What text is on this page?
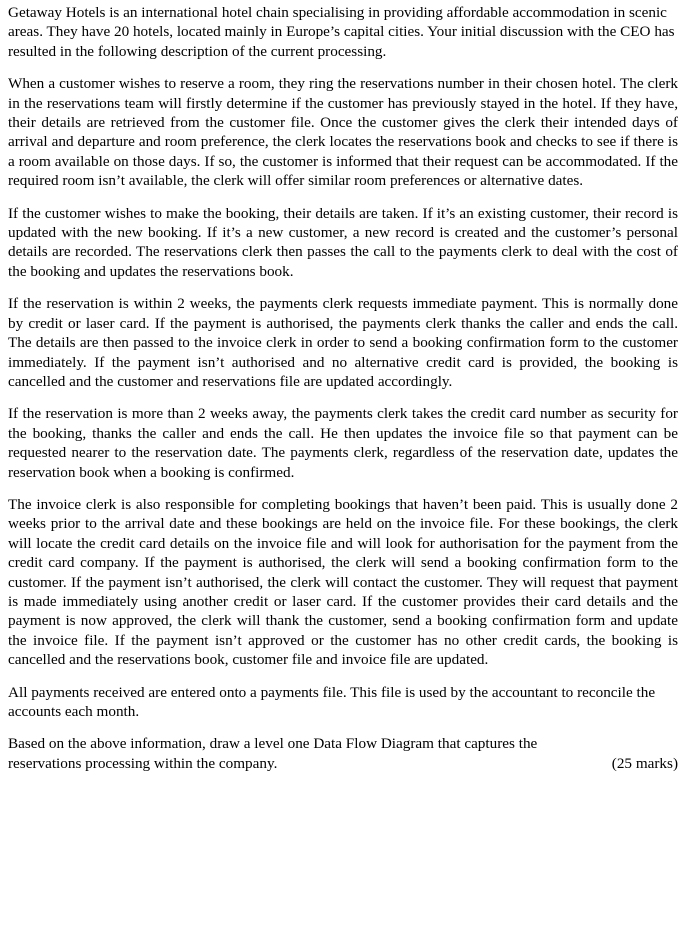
Getaway Hotels is an international hotel chain specialising in providing affordable accommodation in scenic areas. They have 20 hotels, located mainly in Europe’s capital cities. Your initial discussion with the CEO has resulted in the following description of the current processing.

When a customer wishes to reserve a room, they ring the reservations number in their chosen hotel. The clerk in the reservations team will firstly determine if the customer has previously stayed in the hotel. If they have, their details are retrieved from the customer file. Once the customer gives the clerk their intended days of arrival and departure and room preference, the clerk locates the reservations book and checks to see if there is a room available on those days. If so, the customer is informed that their request can be accommodated. If the required room isn’t available, the clerk will offer similar room preferences or alternative dates.

If the customer wishes to make the booking, their details are taken. If it’s an existing customer, their record is updated with the new booking. If it’s a new customer, a new record is created and the customer’s personal details are recorded. The reservations clerk then passes the call to the payments clerk to deal with the cost of the booking and updates the reservations book.

If the reservation is within 2 weeks, the payments clerk requests immediate payment. This is normally done by credit or laser card. If the payment is authorised, the payments clerk thanks the caller and ends the call. The details are then passed to the invoice clerk in order to send a booking confirmation form to the customer immediately. If the payment isn’t authorised and no alternative credit card is provided, the booking is cancelled and the customer and reservations file are updated accordingly.

If the reservation is more than 2 weeks away, the payments clerk takes the credit card number as security for the booking, thanks the caller and ends the call. He then updates the invoice file so that payment can be requested nearer to the reservation date. The payments clerk, regardless of the reservation date, updates the reservation book when a booking is confirmed.

The invoice clerk is also responsible for completing bookings that haven’t been paid. This is usually done 2 weeks prior to the arrival date and these bookings are held on the invoice file. For these bookings, the clerk will locate the credit card details on the invoice file and will look for authorisation for the payment from the credit card company. If the payment is authorised, the clerk will send a booking confirmation form to the customer. If the payment isn’t authorised, the clerk will contact the customer. They will request that payment is made immediately using another credit or laser card. If the customer provides their card details and the payment is now approved, the clerk will thank the customer, send a booking confirmation form and update the invoice file. If the payment isn’t approved or the customer has no other credit cards, the booking is cancelled and the reservations book, customer file and invoice file are updated.

All payments received are entered onto a payments file. This file is used by the accountant to reconcile the accounts each month.

Based on the above information, draw a level one Data Flow Diagram that captures the
reservations processing within the company.	(25 marks)
